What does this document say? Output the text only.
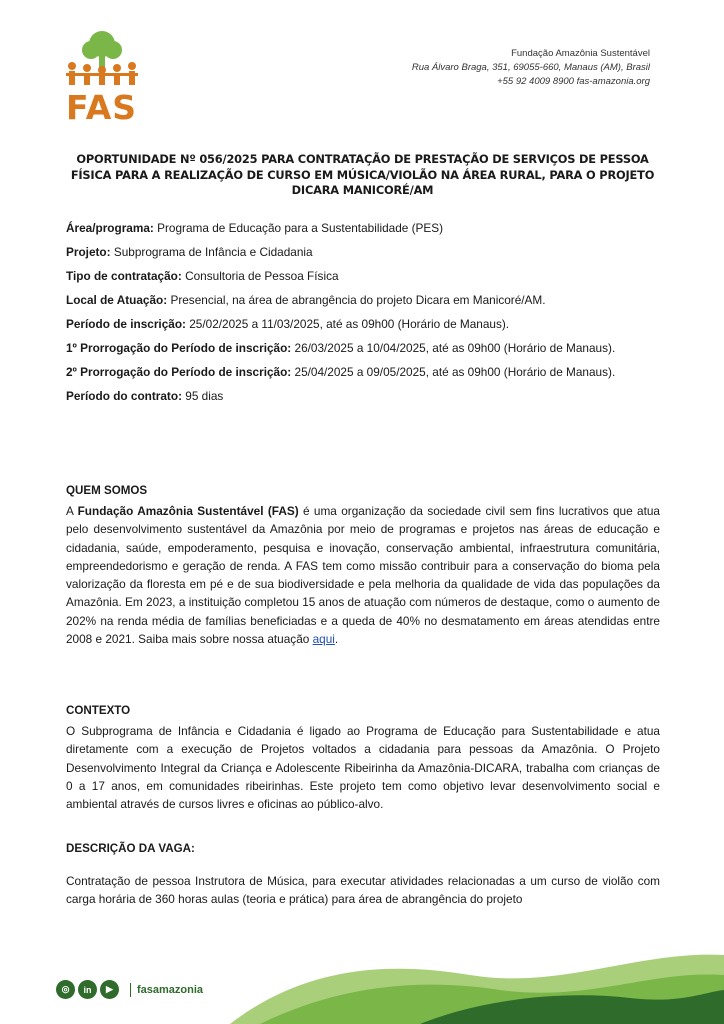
FAS
Fundação Amazônia Sustentável
Rua Álvaro Braga, 351, 69055-660, Manaus (AM), Brasil
+55 92 4009 8900 fas-amazonia.org
OPORTUNIDADE Nº 056/2025 PARA CONTRATAÇÃO DE PRESTAÇÃO DE SERVIÇOS DE PESSOA FÍSICA PARA A REALIZAÇÃO DE CURSO EM MÚSICA/VIOLÃO NA ÁREA RURAL, PARA O PROJETO DICARA MANICORÉ/AM
Área/programa: Programa de Educação para a Sustentabilidade (PES)
Projeto: Subprograma de Infância e Cidadania
Tipo de contratação: Consultoria de Pessoa Física
Local de Atuação: Presencial, na área de abrangência do projeto Dicara em Manicoré/AM.
Período de inscrição: 25/02/2025 a 11/03/2025, até as 09h00 (Horário de Manaus).
1º Prorrogação do Período de inscrição: 26/03/2025 a 10/04/2025, até as 09h00 (Horário de Manaus).
2º Prorrogação do Período de inscrição: 25/04/2025 a 09/05/2025, até as 09h00 (Horário de Manaus).
Período do contrato: 95 dias
QUEM SOMOS
A Fundação Amazônia Sustentável (FAS) é uma organização da sociedade civil sem fins lucrativos que atua pelo desenvolvimento sustentável da Amazônia por meio de programas e projetos nas áreas de educação e cidadania, saúde, empoderamento, pesquisa e inovação, conservação ambiental, infraestrutura comunitária, empreendedorismo e geração de renda. A FAS tem como missão contribuir para a conservação do bioma pela valorização da floresta em pé e de sua biodiversidade e pela melhoria da qualidade de vida das populações da Amazônia. Em 2023, a instituição completou 15 anos de atuação com números de destaque, como o aumento de 202% na renda média de famílias beneficiadas e a queda de 40% no desmatamento em áreas atendidas entre 2008 e 2021. Saiba mais sobre nossa atuação aqui.
CONTEXTO
O Subprograma de Infância e Cidadania é ligado ao Programa de Educação para Sustentabilidade e atua diretamente com a execução de Projetos voltados a cidadania para pessoas da Amazônia. O Projeto Desenvolvimento Integral da Criança e Adolescente Ribeirinha da Amazônia-DICARA, trabalha com crianças de 0 a 17 anos, em comunidades ribeirinhas. Este projeto tem como objetivo levar desenvolvimento social e ambiental através de cursos livres e oficinas ao público-alvo.
DESCRIÇÃO DA VAGA:
Contratação de pessoa Instrutora de Música, para executar atividades relacionadas a um curso de violão com carga horária de 360 horas aulas (teoria e prática) para área de abrangência do projeto
◎	in	▶	fasamazonia
